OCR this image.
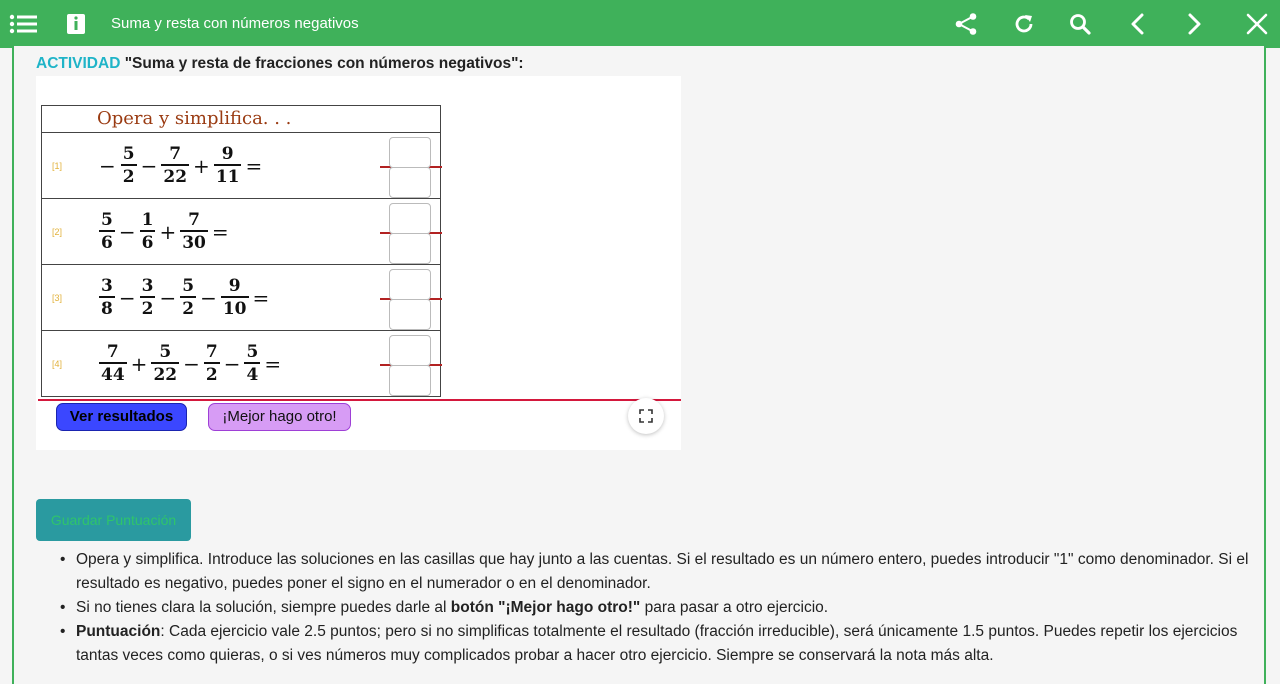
Suma y resta con números negativos
ACTIVIDAD "Suma y resta de fracciones con números negativos":
Opera y simplifica. . .
$[1] - \frac{5}{2} - \frac{7}{22} + \frac{9}{11}$ =
$[2] \frac{5}{6} - \frac{1}{6} + \frac{7}{30}$ =
$[3] \frac{3}{8} - \frac{3}{2} - \frac{5}{2} - \frac{9}{10}$ =
$[4] \frac{7}{44} + \frac{5}{22} - \frac{7}{2} - \frac{5}{4}$ =
Ver resultados	¡Mejor hago otro!
Guardar Puntuación
• Opera y simplifica. Introduce las soluciones en las casillas que hay junto a las cuentas. Si el resultado es un número entero, puedes introducir "1" como denominador. Si el resultado es negativo, puedes poner el signo en el numerador o en el denominador.
• Si no tienes clara la solución, siempre puedes darle al botón "¡Mejor hago otro!" para pasar a otro ejercicio.
• Puntuación: Cada ejercicio vale 2.5 puntos; pero si no simplificas totalmente el resultado (fracción irreducible), será únicamente 1.5 puntos. Puedes repetir los ejercicios tantas veces como quieras, o si ves números muy complicados probar a hacer otro ejercicio. Siempre se conservará la nota más alta.
